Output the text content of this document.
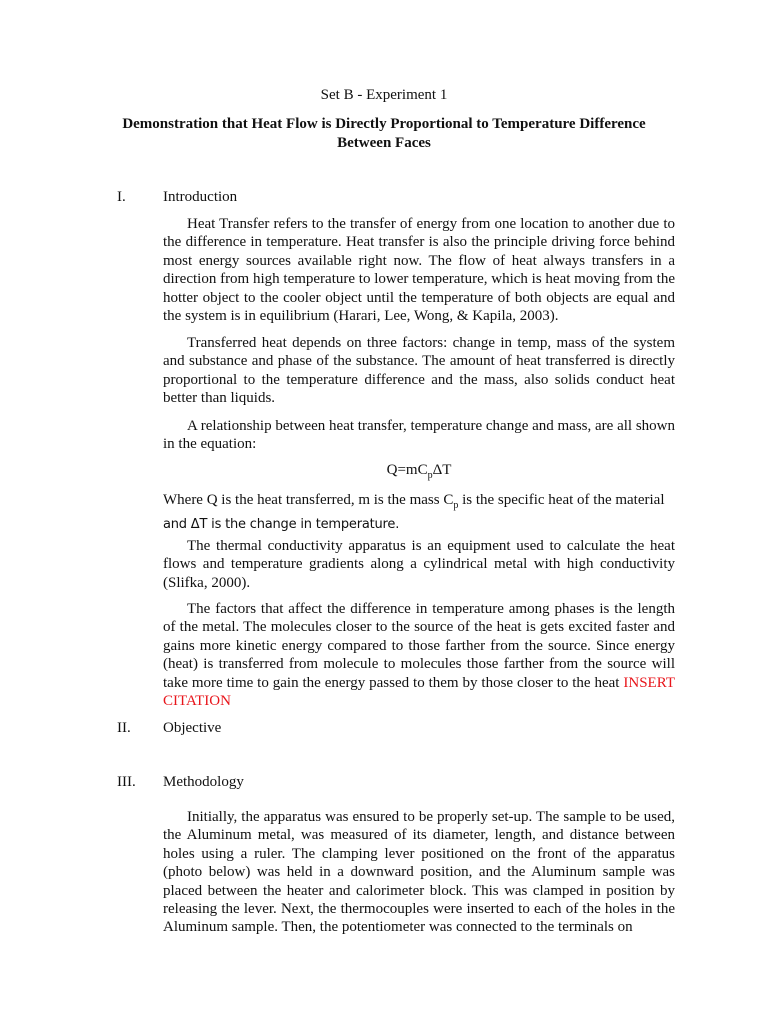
Set B - Experiment 1
Demonstration that Heat Flow is Directly Proportional to Temperature Difference Between Faces
I. Introduction

Heat Transfer refers to the transfer of energy from one location to another due to the difference in temperature. Heat transfer is also the principle driving force behind most energy sources available right now. The flow of heat always transfers in a direction from high temperature to lower temperature, which is heat moving from the hotter object to the cooler object until the temperature of both objects are equal and the system is in equilibrium (Harari, Lee, Wong, & Kapila, 2003).

Transferred heat depends on three factors: change in temp, mass of the system and substance and phase of the substance. The amount of heat transferred is directly proportional to the temperature difference and the mass, also solids conduct heat better than liquids.

A relationship between heat transfer, temperature change and mass, are all shown in the equation:

$Q=mC_p\Delta T$

Where Q is the heat transferred, m is the mass $C_p$ is the specific heat of the material
and ΔT is the change in temperature.

The thermal conductivity apparatus is an equipment used to calculate the heat flows and temperature gradients along a cylindrical metal with high conductivity (Slifka, 2000).

The factors that affect the difference in temperature among phases is the length of the metal. The molecules closer to the source of the heat is gets excited faster and gains more kinetic energy compared to those farther from the source. Since energy (heat) is transferred from molecule to molecules those farther from the source will take more time to gain the energy passed to them by those closer to the heat INSERT CITATION

II. Objective
III. Methodology

Initially, the apparatus was ensured to be properly set-up. The sample to be used, the Aluminum metal, was measured of its diameter, length, and distance between holes using a ruler. The clamping lever positioned on the front of the apparatus (photo below) was held in a downward position, and the Aluminum sample was placed between the heater and calorimeter block. This was clamped in position by releasing the lever. Next, the thermocouples were inserted to each of the holes in the Aluminum sample. Then, the potentiometer was connected to the terminals on
